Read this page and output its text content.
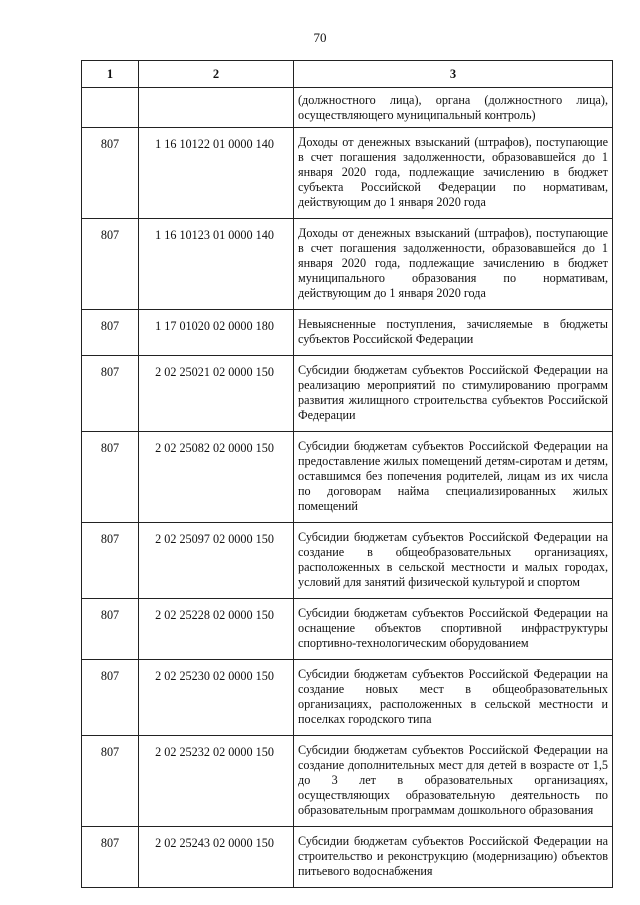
70
1	2	3
		(должностного лица), органа (должностного лица), осуществляющего муниципальный контроль)
807	1 16 10122 01 0000 140	Доходы от денежных взысканий (штрафов), поступающие в счет погашения задолженности, образовавшейся до 1 января 2020 года, подлежащие зачислению в бюджет субъекта Российской Федерации по нормативам, действующим до 1 января 2020 года
807	1 16 10123 01 0000 140	Доходы от денежных взысканий (штрафов), поступающие в счет погашения задолженности, образовавшейся до 1 января 2020 года, подлежащие зачислению в бюджет муниципального образования по нормативам, действующим до 1 января 2020 года
807	1 17 01020 02 0000 180	Невыясненные поступления, зачисляемые в бюджеты субъектов Российской Федерации
807	2 02 25021 02 0000 150	Субсидии бюджетам субъектов Российской Федерации на реализацию мероприятий по стимулированию программ развития жилищного строительства субъектов Российской Федерации
807	2 02 25082 02 0000 150	Субсидии бюджетам субъектов Российской Федерации на предоставление жилых помещений детям-сиротам и детям, оставшимся без попечения родителей, лицам из их числа по договорам найма специализированных жилых помещений
807	2 02 25097 02 0000 150	Субсидии бюджетам субъектов Российской Федерации на создание в общеобразовательных организациях, расположенных в сельской местности и малых городах, условий для занятий физической культурой и спортом
807	2 02 25228 02 0000 150	Субсидии бюджетам субъектов Российской Федерации на оснащение объектов спортивной инфраструктуры спортивно-технологическим оборудованием
807	2 02 25230 02 0000 150	Субсидии бюджетам субъектов Российской Федерации на создание новых мест в общеобразовательных организациях, расположенных в сельской местности и поселках городского типа
807	2 02 25232 02 0000 150	Субсидии бюджетам субъектов Российской Федерации на создание дополнительных мест для детей в возрасте от 1,5 до 3 лет в образовательных организациях, осуществляющих образовательную деятельность по образовательным программам дошкольного образования
807	2 02 25243 02 0000 150	Субсидии бюджетам субъектов Российской Федерации на строительство и реконструкцию (модернизацию) объектов питьевого водоснабжения
